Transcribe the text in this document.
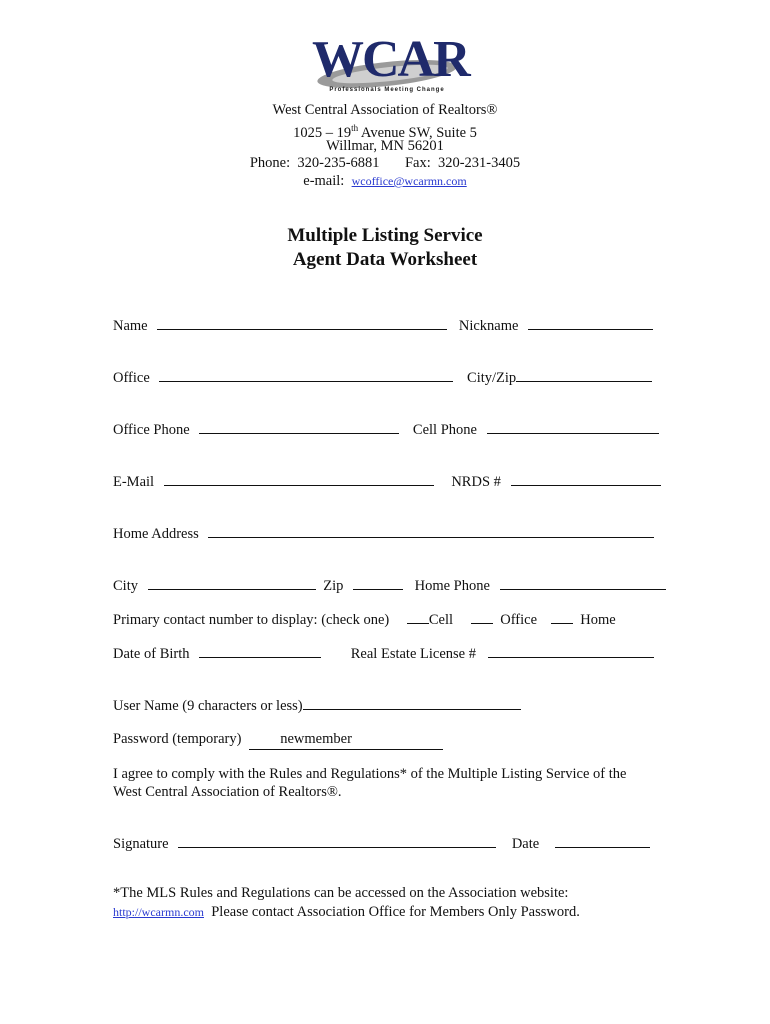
WCAR
Professionals Meeting Change
West Central Association of Realtors®
1025 – 19th Avenue SW, Suite 5
Willmar, MN 56201
Phone: 320-235-6881 Fax: 320-231-3405
e-mail: wcoffice@wcarmn.com
Multiple Listing Service
Agent Data Worksheet
Name	Nickname
Office	City/Zip
Office Phone	Cell Phone
E-Mail	NRDS #
Home Address
City	Zip	Home Phone
Primary contact number to display: (check one)	Cell	Office	Home
Date of Birth	Real Estate License #
User Name (9 characters or less)
Password (temporary)	newmember
I agree to comply with the Rules and Regulations* of the Multiple Listing Service of the West Central Association of Realtors®.
Signature	Date
*The MLS Rules and Regulations can be accessed on the Association website:
http://wcarmn.com  Please contact Association Office for Members Only Password.
